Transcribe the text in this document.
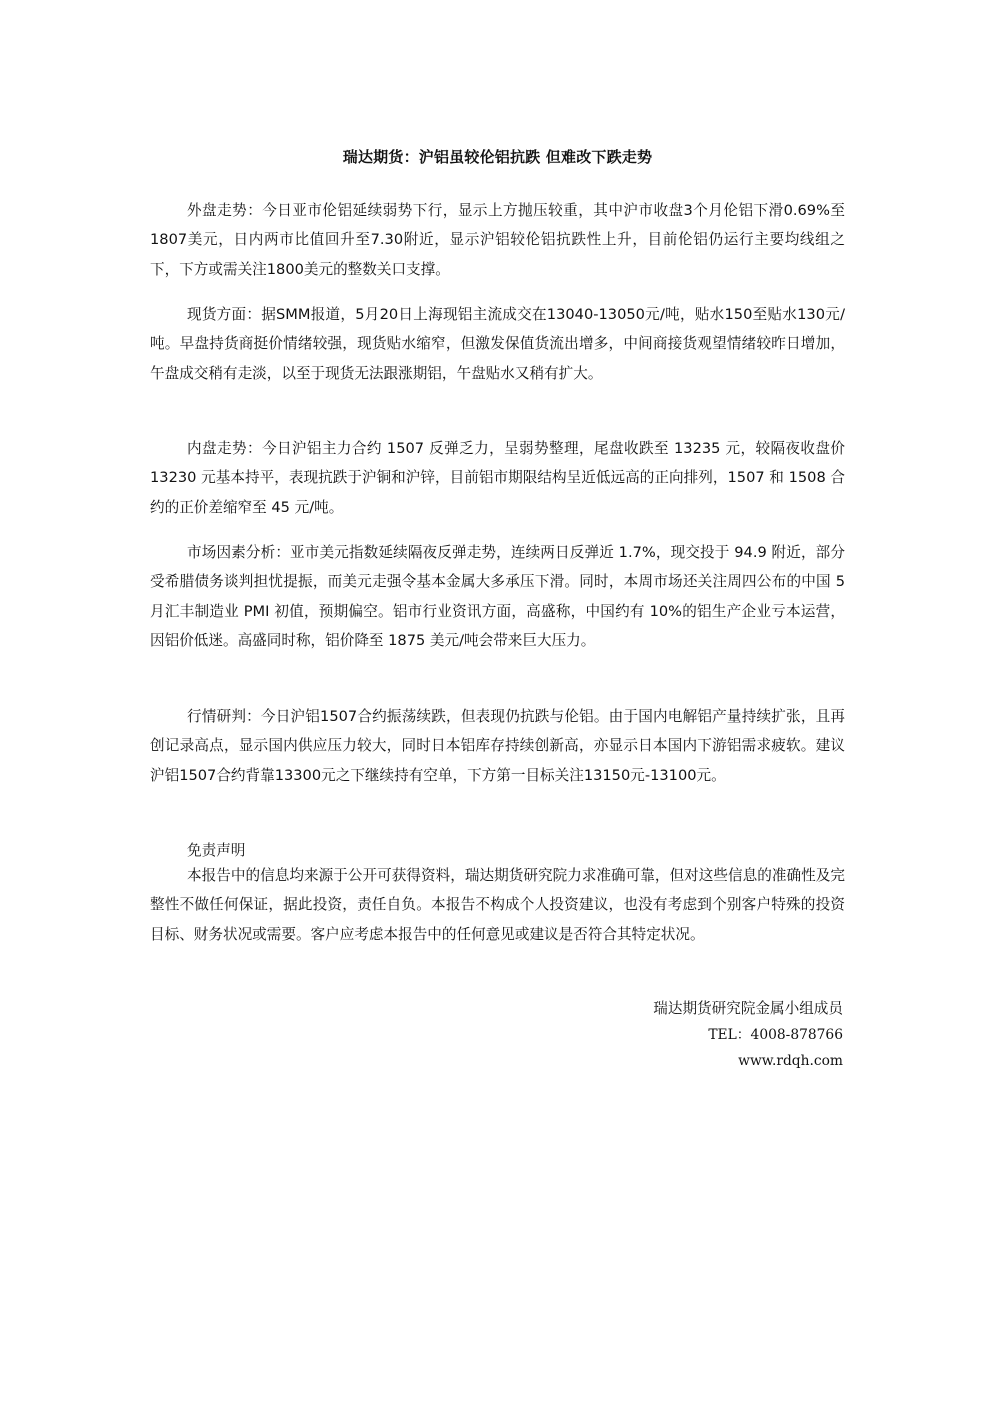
瑞达期货：沪铝虽较伦铝抗跌 但难改下跌走势

外盘走势：今日亚市伦铝延续弱势下行，显示上方抛压较重，其中沪市收盘3个月伦铝下滑0.69%至1807美元，日内两市比值回升至7.30附近，显示沪铝较伦铝抗跌性上升，目前伦铝仍运行主要均线组之下，下方或需关注1800美元的整数关口支撑。

现货方面：据SMM报道，5月20日上海现铝主流成交在13040-13050元/吨，贴水150至贴水130元/吨。早盘持货商挺价情绪较强，现货贴水缩窄，但激发保值货流出增多，中间商接货观望情绪较昨日增加，午盘成交稍有走淡，以至于现货无法跟涨期铝，午盘贴水又稍有扩大。

内盘走势：今日沪铝主力合约 1507 反弹乏力，呈弱势整理，尾盘收跌至 13235 元，较隔夜收盘价 13230 元基本持平，表现抗跌于沪铜和沪锌，目前铝市期限结构呈近低远高的正向排列，1507 和 1508 合约的正价差缩窄至 45 元/吨。

市场因素分析：亚市美元指数延续隔夜反弹走势，连续两日反弹近 1.7%，现交投于 94.9 附近，部分受希腊债务谈判担忧提振，而美元走强令基本金属大多承压下滑。同时，本周市场还关注周四公布的中国 5 月汇丰制造业 PMI 初值，预期偏空。铝市行业资讯方面，高盛称，中国约有 10%的铝生产企业亏本运营，因铝价低迷。高盛同时称，铝价降至 1875 美元/吨会带来巨大压力。

行情研判：今日沪铝1507合约振荡续跌，但表现仍抗跌与伦铝。由于国内电解铝产量持续扩张，且再创记录高点，显示国内供应压力较大，同时日本铝库存持续创新高，亦显示日本国内下游铝需求疲软。建议沪铝1507合约背靠13300元之下继续持有空单，下方第一目标关注13150元-13100元。

免责声明

本报告中的信息均来源于公开可获得资料，瑞达期货研究院力求准确可靠，但对这些信息的准确性及完整性不做任何保证，据此投资，责任自负。本报告不构成个人投资建议，也没有考虑到个别客户特殊的投资目标、财务状况或需要。客户应考虑本报告中的任何意见或建议是否符合其特定状况。

瑞达期货研究院金属小组成员
TEL：4008-878766
www.rdqh.com
